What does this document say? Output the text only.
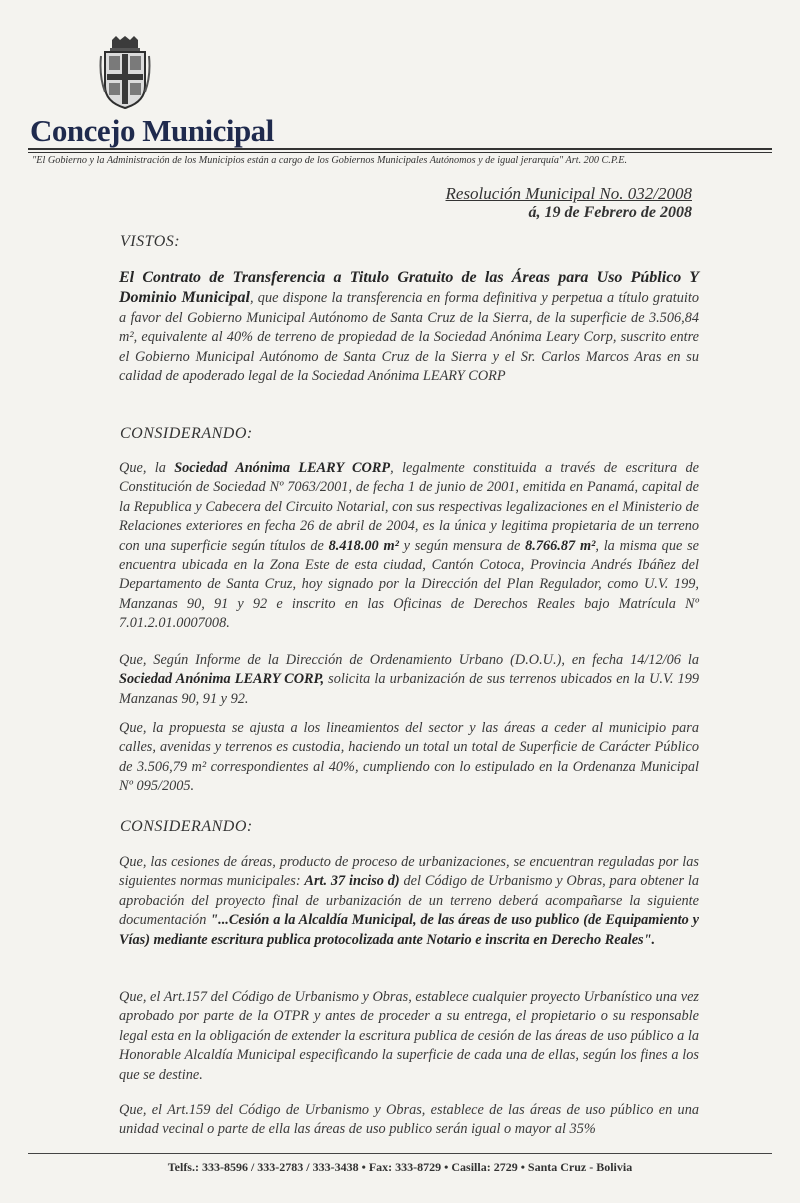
Concejo Municipal

"El Gobierno y la Administración de los Municipios están a cargo de los Gobiernos Municipales Autónomos y de igual jerarquía" Art. 200 C.P.E.

Resolución Municipal No. 032/2008

á, 19 de Febrero de 2008

VISTOS:

El Contrato de Transferencia a Titulo Gratuito de las Áreas para Uso Público Y Dominio Municipal, que dispone la transferencia en forma definitiva y perpetua a título gratuito a favor del Gobierno Municipal Autónomo de Santa Cruz de la Sierra, de la superficie de 3.506,84 m², equivalente al 40% de terreno de propiedad de la Sociedad Anónima Leary Corp, suscrito entre el Gobierno Municipal Autónomo de Santa Cruz de la Sierra y el Sr. Carlos Marcos Aras en su calidad de apoderado legal de la Sociedad Anónima LEARY CORP

CONSIDERANDO:

Que, la Sociedad Anónima LEARY CORP, legalmente constituida a través de escritura de Constitución de Sociedad Nº 7063/2001, de fecha 1 de junio de 2001, emitida en Panamá, capital de la Republica y Cabecera del Circuito Notarial, con sus respectivas legalizaciones en el Ministerio de Relaciones exteriores en fecha 26 de abril de 2004, es la única y legitima propietaria de un terreno con una superficie según títulos de 8.418.00 m² y según mensura de 8.766.87 m², la misma que se encuentra ubicada en la Zona Este de esta ciudad, Cantón Cotoca, Provincia Andrés Ibáñez del Departamento de Santa Cruz, hoy signado por la Dirección del Plan Regulador, como U.V. 199, Manzanas 90, 91 y 92 e inscrito en las Oficinas de Derechos Reales bajo Matrícula Nº 7.01.2.01.0007008.

Que, Según Informe de la Dirección de Ordenamiento Urbano (D.O.U.), en fecha 14/12/06 la Sociedad Anónima LEARY CORP, solicita la urbanización de sus terrenos ubicados en la U.V. 199 Manzanas 90, 91 y 92.

Que, la propuesta se ajusta a los lineamientos del sector y las áreas a ceder al municipio para calles, avenidas y terrenos es custodia, haciendo un total un total de Superficie de Carácter Público de 3.506,79 m² correspondientes al 40%, cumpliendo con lo estipulado en la Ordenanza Municipal Nº 095/2005.

CONSIDERANDO:

Que, las cesiones de áreas, producto de proceso de urbanizaciones, se encuentran reguladas por las siguientes normas municipales: Art. 37 inciso d) del Código de Urbanismo y Obras, para obtener la aprobación del proyecto final de urbanización de un terreno deberá acompañarse la siguiente documentación "...Cesión a la Alcaldía Municipal, de las áreas de uso publico (de Equipamiento y Vías) mediante escritura publica protocolizada ante Notario e inscrita en Derecho Reales".

Que, el Art.157 del Código de Urbanismo y Obras, establece cualquier proyecto Urbanístico una vez aprobado por parte de la OTPR y antes de proceder a su entrega, el propietario o su responsable legal esta en la obligación de extender la escritura publica de cesión de las áreas de uso público a la Honorable Alcaldía Municipal especificando la superficie de cada una de ellas, según los fines a los que se destine.

Que, el Art.159 del Código de Urbanismo y Obras, establece de las áreas de uso público en una unidad vecinal o parte de ella las áreas de uso publico serán igual o mayor al 35%

Telfs.: 333-8596 / 333-2783 / 333-3438 • Fax: 333-8729 • Casilla: 2729 • Santa Cruz - Bolivia
